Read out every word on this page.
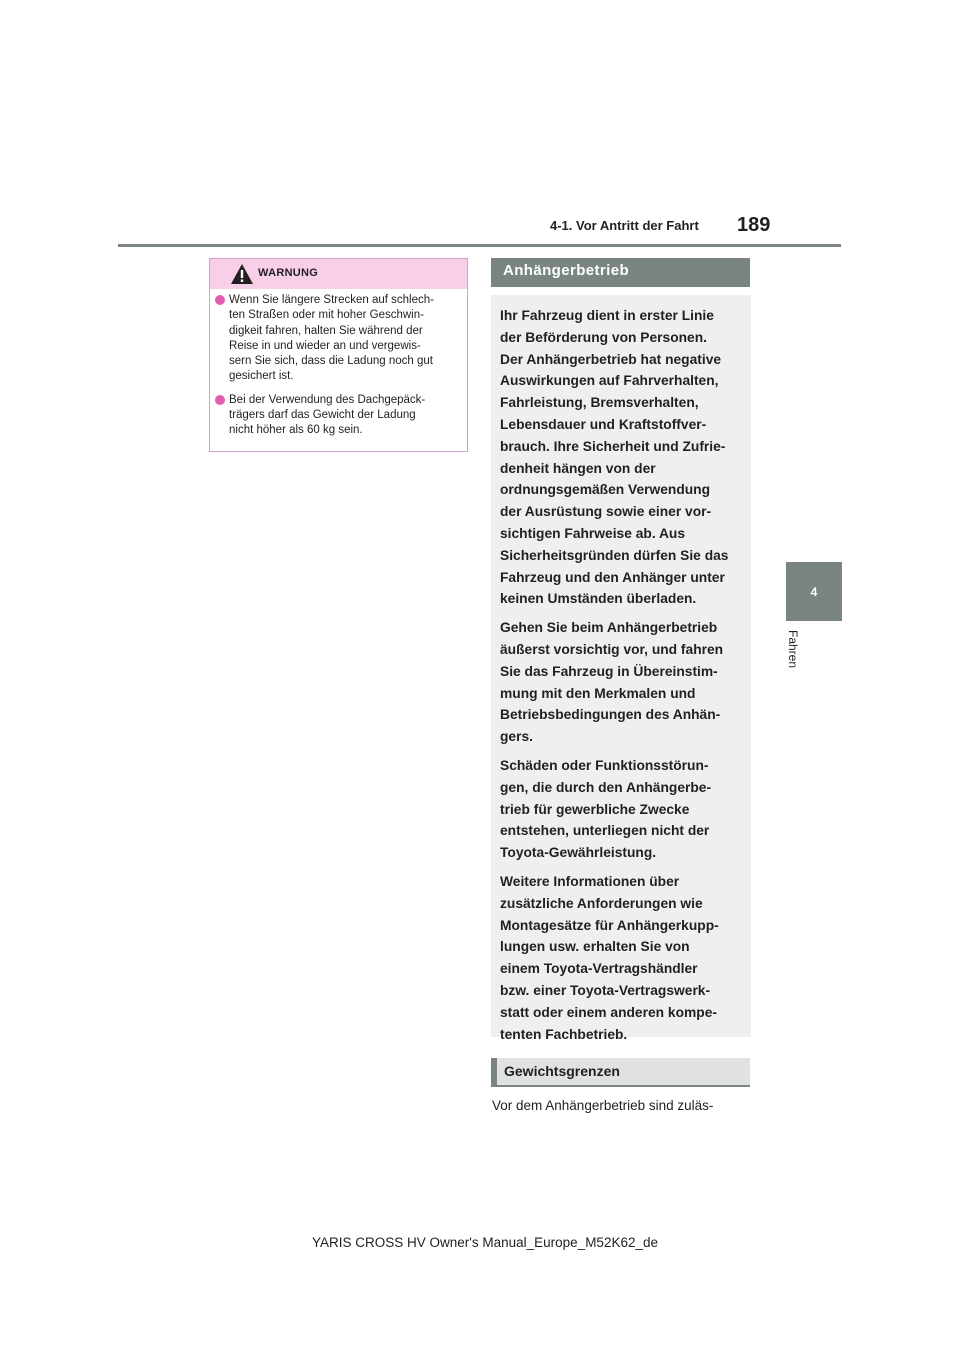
4-1. Vor Antritt der Fahrt 189
4
Fahren
WARNUNG
Wenn Sie längere Strecken auf schlech-
ten Straßen oder mit hoher Geschwin-
digkeit fahren, halten Sie während der
Reise in und wieder an und vergewis-
sern Sie sich, dass die Ladung noch gut
gesichert ist.
Bei der Verwendung des Dachgepäck-
trägers darf das Gewicht der Ladung
nicht höher als 60 kg sein.
Anhängerbetrieb
Ihr Fahrzeug dient in erster Linie
der Beförderung von Personen.
Der Anhängerbetrieb hat negative
Auswirkungen auf Fahrverhalten,
Fahrleistung, Bremsverhalten,
Lebensdauer und Kraftstoffver-
brauch. Ihre Sicherheit und Zufrie-
denheit hängen von der
ordnungsgemäßen Verwendung
der Ausrüstung sowie einer vor-
sichtigen Fahrweise ab. Aus
Sicherheitsgründen dürfen Sie das
Fahrzeug und den Anhänger unter
keinen Umständen überladen.
Gehen Sie beim Anhängerbetrieb
äußerst vorsichtig vor, und fahren
Sie das Fahrzeug in Übereinstim-
mung mit den Merkmalen und
Betriebsbedingungen des Anhän-
gers.
Schäden oder Funktionsstörun-
gen, die durch den Anhängerbe-
trieb für gewerbliche Zwecke
entstehen, unterliegen nicht der
Toyota-Gewährleistung.
Weitere Informationen über
zusätzliche Anforderungen wie
Montagesätze für Anhängerkupp-
lungen usw. erhalten Sie von
einem Toyota-Vertragshändler
bzw. einer Toyota-Vertragswerk-
statt oder einem anderen kompe-
tenten Fachbetrieb.
Gewichtsgrenzen
Vor dem Anhängerbetrieb sind zuläs-
YARIS CROSS HV Owner's Manual_Europe_M52K62_de
